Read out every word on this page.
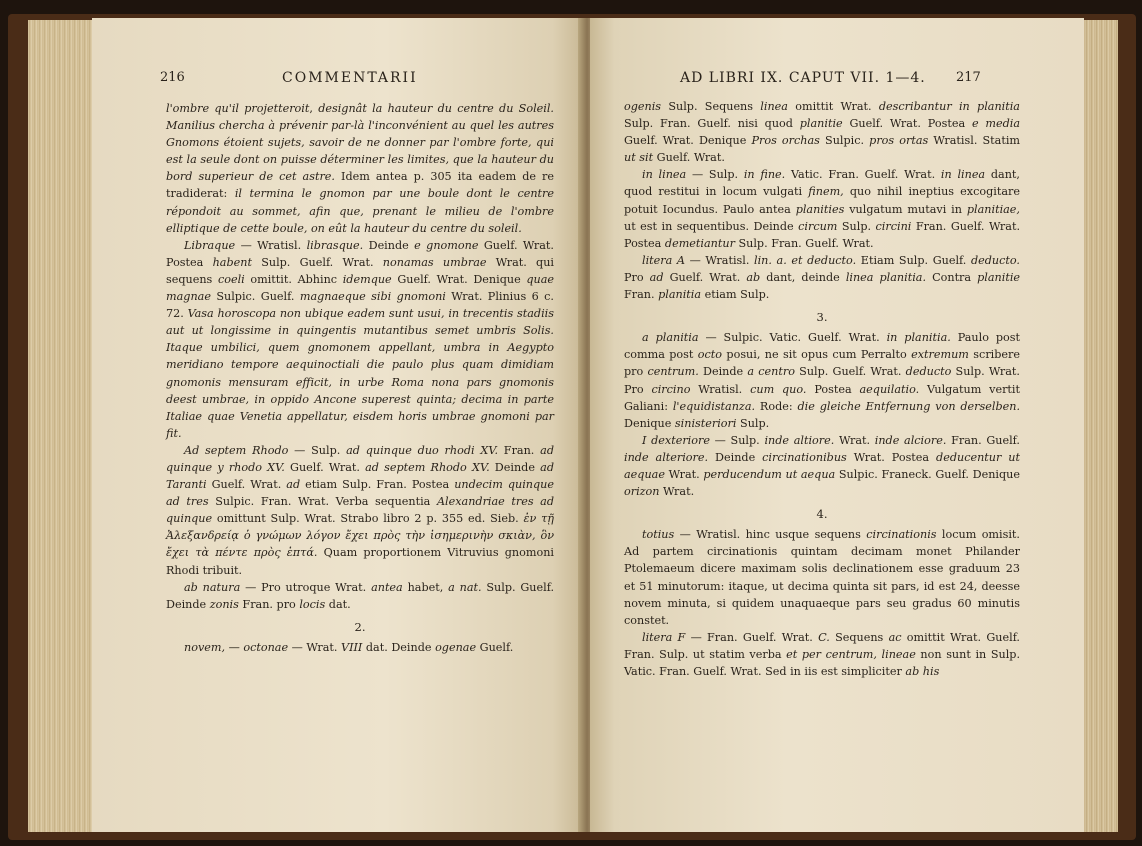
216	COMMENTARII

l'ombre qu'il projetteroit, designât la hauteur du centre du Soleil. Manilius chercha à prévenir par-là l'inconvénient au quel les autres Gnomons étoient sujets, savoir de ne donner par l'ombre forte, qui est la seule dont on puisse déterminer les limites, que la hauteur du bord superieur de cet astre. Idem antea p. 305 ita eadem de re tradiderat: il termina le gnomon par une boule dont le centre répondoit au sommet, afin que, prenant le milieu de l'ombre elliptique de cette boule, on eût la hauteur du centre du soleil.

Libraque — Wratisl. librasque. Deinde e gnomone Guelf. Wrat. Postea habent Sulp. Guelf. Wrat. nonamas umbrae Wrat. qui sequens coeli omittit. Abhinc idemque Guelf. Wrat. Denique quae magnae Sulpic. Guelf. magnaeque sibi gnomoni Wrat. Plinius 6 c. 72. Vasa horoscopa non ubique eadem sunt usui, in trecentis stadiis aut ut longissime in quingentis mutantibus semet umbris Solis. Itaque umbilici, quem gnomonem appellant, umbra in Aegypto meridiano tempore aequinoctiali die paulo plus quam dimidiam gnomonis mensuram efficit, in urbe Roma nona pars gnomonis deest umbrae, in oppido Ancone superest quinta; decima in parte Italiae quae Venetia appellatur, eisdem horis umbrae gnomoni par fit.

Ad septem Rhodo — Sulp. ad quinque duo rhodi XV. Fran. ad quinque y rhodo XV. Guelf. Wrat. ad septem Rhodo XV. Deinde ad Taranti Guelf. Wrat. ad etiam Sulp. Fran. Postea undecim quinque ad tres Sulpic. Fran. Wrat. Verba sequentia Alexandriae tres ad quinque omittunt Sulp. Wrat. Strabo libro 2 p. 355 ed. Sieb. ἐν τῇ Ἀλεξανδρείᾳ ὁ γνώμων λόγον ἔχει πρὸς τὴν ἰσημερινὴν σκιὰν, ὃν ἔχει τὰ πέντε πρὸς ἑπτά. Quam proportionem Vitruvius gnomoni Rhodi tribuit.

ab natura — Pro utroque Wrat. antea habet, a nat. Sulp. Guelf. Deinde zonis Fran. pro locis dat.

2.

novem, — octonae — Wrat. VIII dat. Deinde ogenae Guelf.

AD LIBRI IX. CAPUT VII. 1—4. 217

ogenis Sulp. Sequens linea omittit Wrat. describantur in planitia Sulp. Fran. Guelf. nisi quod planitie Guelf. Wrat. Postea e media Guelf. Wrat. Denique Pros orchas Sulpic. pros ortas Wratisl. Statim ut sit Guelf. Wrat.

in linea — Sulp. in fine. Vatic. Fran. Guelf. Wrat. in linea dant, quod restitui in locum vulgati finem, quo nihil ineptius excogitare potuit Iocundus. Paulo antea planities vulgatum mutavi in planitiae, ut est in sequentibus. Deinde circum Sulp. circini Fran. Guelf. Wrat. Postea demetiantur Sulp. Fran. Guelf. Wrat.

litera A — Wratisl. lin. a. et deducto. Etiam Sulp. Guelf. deducto. Pro ad Guelf. Wrat. ab dant, deinde linea planitia. Contra planitie Fran. planitia etiam Sulp.

3.

a planitia — Sulpic. Vatic. Guelf. Wrat. in planitia. Paulo post comma post octo posui, ne sit opus cum Perralto extremum scribere pro centrum. Deinde a centro Sulp. Guelf. Wrat. deducto Sulp. Wrat. Pro circino Wratisl. cum quo. Postea aequilatio. Vulgatum vertit Galiani: l'equidistanza. Rode: die gleiche Entfernung von derselben. Denique sinisteriori Sulp.

I dexteriore — Sulp. inde altiore. Wrat. inde alciore. Fran. Guelf. inde alteriore. Deinde circinationibus Wrat. Postea deducentur ut aequae Wrat. perducendum ut aequa Sulpic. Franeck. Guelf. Denique orizon Wrat.

4.

totius — Wratisl. hinc usque sequens circinationis locum omisit. Ad partem circinationis quintam decimam monet Philander Ptolemaeum dicere maximam solis declinationem esse graduum 23 et 51 minutorum: itaque, ut decima quinta sit pars, id est 24, deesse novem minuta, si quidem unaquaeque pars seu gradus 60 minutis constet.

litera F — Fran. Guelf. Wrat. C. Sequens ac omittit Wrat. Guelf. Fran. Sulp. ut statim verba et per centrum, lineae non sunt in Sulp. Vatic. Fran. Guelf. Wrat. Sed in iis est simpliciter ab his
